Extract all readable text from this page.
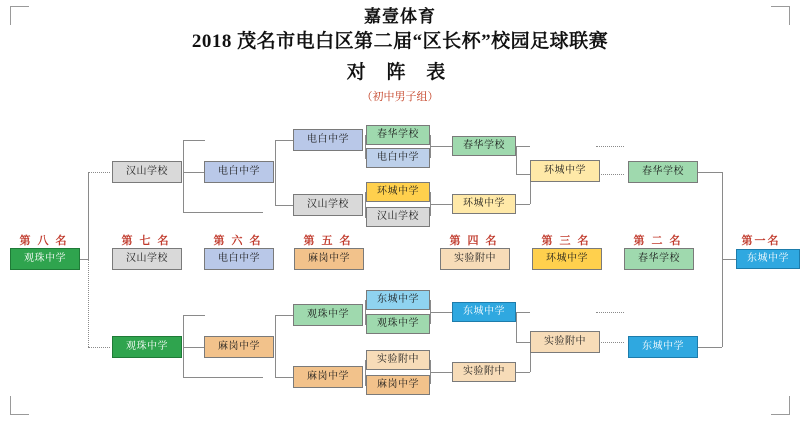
嘉壹体育
2018 茂名市电白区第二届“区长杯”校园足球联赛
对 阵 表
（初中男子组）
第 八 名	第 七 名	第 六 名	第 五 名	第 四 名	第 三 名	第 二 名	第一名
观珠中学	汉山学校	电白中学	麻岗中学	实验附中	环城中学	春华学校	东城中学
汉山学校	电白中学
观珠中学	麻岗中学
电白中学
汉山学校
观珠中学
麻岗中学
春华学校
电白中学
环城中学
汉山学校
东城中学
观珠中学
实验附中
麻岗中学
春华学校
环城中学
东城中学
实验附中
环城中学
实验附中
春华学校
东城中学
